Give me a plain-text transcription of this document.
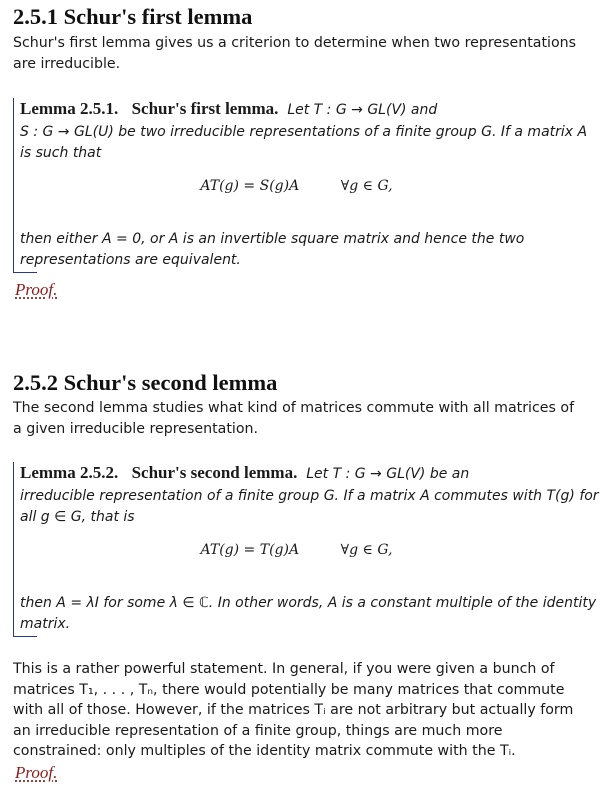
2.5.1 Schur's first lemma

Schur's first lemma gives us a criterion to determine when two representations are irreducible.

Lemma 2.5.1. Schur's first lemma. Let T : G → GL(V) and
S : G → GL(U) be two irreducible representations of a finite group G. If a matrix A
is such that
AT(g) = S(g)A	∀g ∈ G,
then either A = 0, or A is an invertible square matrix and hence the two
representations are equivalent.
Proof.
2.5.2 Schur's second lemma

The second lemma studies what kind of matrices commute with all matrices of a given irreducible representation.

Lemma 2.5.2. Schur's second lemma. Let T : G → GL(V) be an
irreducible representation of a finite group G. If a matrix A commutes with T(g) for
all g ∈ G, that is
AT(g) = T(g)A	∀g ∈ G,
then A = λI for some λ ∈ ℂ. In other words, A is a constant multiple of the identity
matrix.

This is a rather powerful statement. In general, if you were given a bunch of matrices T₁, . . . , Tₙ, there would potentially be many matrices that commute with all of those. However, if the matrices Tᵢ are not arbitrary but actually form an irreducible representation of a finite group, things are much more constrained: only multiples of the identity matrix commute with the Tᵢ.

Proof.
